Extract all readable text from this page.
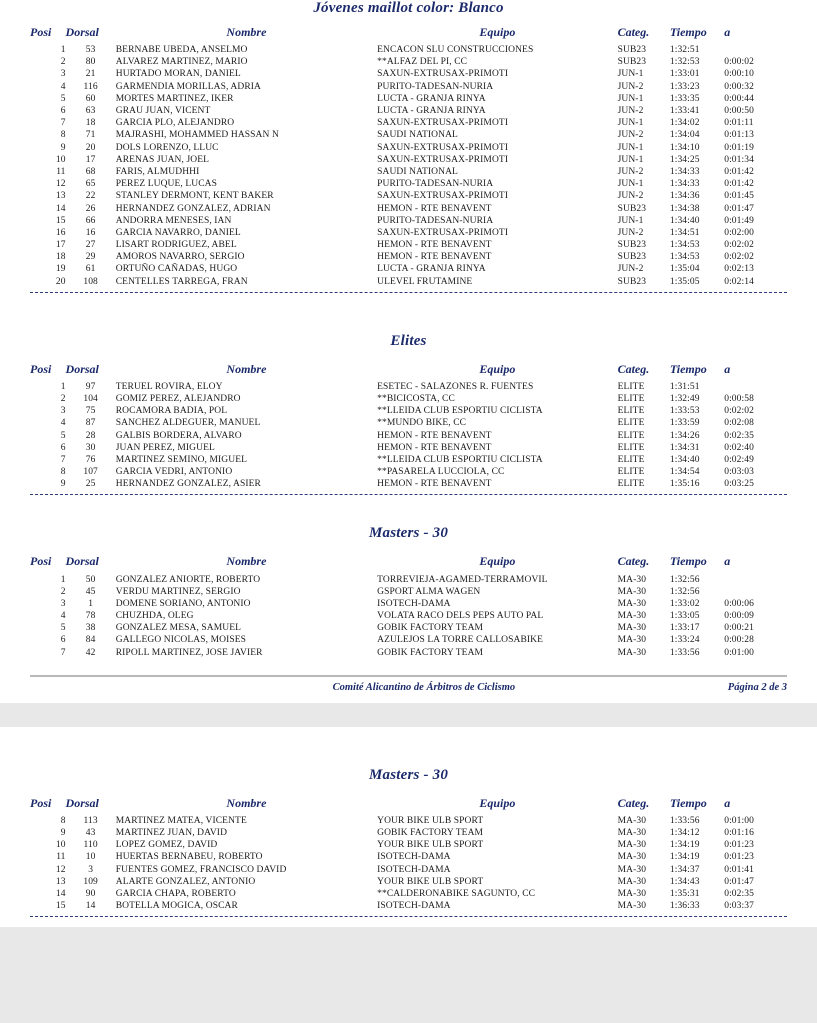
Jóvenes maillot color: Blanco
Posi	Dorsal	Nombre	Equipo	Categ.	Tiempo	a
1	53	BERNABE UBEDA, ANSELMO	ENCACON SLU CONSTRUCCIONES	SUB23	1:32:51	
2	80	ALVAREZ MARTINEZ, MARIO	**ALFAZ DEL PI, CC	SUB23	1:32:53	0:00:02
3	21	HURTADO MORAN, DANIEL	SAXUN-EXTRUSAX-PRIMOTI	JUN-1	1:33:01	0:00:10
4	116	GARMENDIA MORILLAS, ADRIA	PURITO-TADESAN-NURIA	JUN-2	1:33:23	0:00:32
5	60	MORTES MARTINEZ, IKER	LUCTA - GRANJA RINYA	JUN-1	1:33:35	0:00:44
6	63	GRAU JUAN, VICENT	LUCTA - GRANJA RINYA	JUN-2	1:33:41	0:00:50
7	18	GARCIA PLO, ALEJANDRO	SAXUN-EXTRUSAX-PRIMOTI	JUN-1	1:34:02	0:01:11
8	71	MAJRASHI, MOHAMMED HASSAN N	SAUDI NATIONAL	JUN-2	1:34:04	0:01:13
9	20	DOLS LORENZO, LLUC	SAXUN-EXTRUSAX-PRIMOTI	JUN-1	1:34:10	0:01:19
10	17	ARENAS JUAN, JOEL	SAXUN-EXTRUSAX-PRIMOTI	JUN-1	1:34:25	0:01:34
11	68	FARIS, ALMUDHHI	SAUDI NATIONAL	JUN-2	1:34:33	0:01:42
12	65	PEREZ LUQUE, LUCAS	PURITO-TADESAN-NURIA	JUN-1	1:34:33	0:01:42
13	22	STANLEY DERMONT, KENT BAKER	SAXUN-EXTRUSAX-PRIMOTI	JUN-2	1:34:36	0:01:45
14	26	HERNANDEZ GONZALEZ, ADRIAN	HEMON - RTE BENAVENT	SUB23	1:34:38	0:01:47
15	66	ANDORRA MENESES, IAN	PURITO-TADESAN-NURIA	JUN-1	1:34:40	0:01:49
16	16	GARCIA NAVARRO, DANIEL	SAXUN-EXTRUSAX-PRIMOTI	JUN-2	1:34:51	0:02:00
17	27	LISART RODRIGUEZ, ABEL	HEMON - RTE BENAVENT	SUB23	1:34:53	0:02:02
18	29	AMOROS NAVARRO, SERGIO	HEMON - RTE BENAVENT	SUB23	1:34:53	0:02:02
19	61	ORTUÑO CAÑADAS, HUGO	LUCTA - GRANJA RINYA	JUN-2	1:35:04	0:02:13
20	108	CENTELLES TARREGA, FRAN	ULEVEL FRUTAMINE	SUB23	1:35:05	0:02:14
Elites
Posi	Dorsal	Nombre	Equipo	Categ.	Tiempo	a
1	97	TERUEL ROVIRA, ELOY	ESETEC - SALAZONES R. FUENTES	ELITE	1:31:51	
2	104	GOMIZ PEREZ, ALEJANDRO	**BICICOSTA, CC	ELITE	1:32:49	0:00:58
3	75	ROCAMORA BADIA, POL	**LLEIDA CLUB ESPORTIU CICLISTA	ELITE	1:33:53	0:02:02
4	87	SANCHEZ ALDEGUER, MANUEL	**MUNDO BIKE, CC	ELITE	1:33:59	0:02:08
5	28	GALBIS BORDERA, ALVARO	HEMON - RTE BENAVENT	ELITE	1:34:26	0:02:35
6	30	JUAN PEREZ, MIGUEL	HEMON - RTE BENAVENT	ELITE	1:34:31	0:02:40
7	76	MARTINEZ SEMINO, MIGUEL	**LLEIDA CLUB ESPORTIU CICLISTA	ELITE	1:34:40	0:02:49
8	107	GARCIA VEDRI, ANTONIO	**PASARELA LUCCIOLA, CC	ELITE	1:34:54	0:03:03
9	25	HERNANDEZ GONZALEZ, ASIER	HEMON - RTE BENAVENT	ELITE	1:35:16	0:03:25
Masters - 30
Posi	Dorsal	Nombre	Equipo	Categ.	Tiempo	a
1	50	GONZALEZ ANIORTE, ROBERTO	TORREVIEJA-AGAMED-TERRAMOVIL	MA-30	1:32:56	
2	45	VERDU MARTINEZ, SERGIO	GSPORT ALMA WAGEN	MA-30	1:32:56	
3	1	DOMENE SORIANO, ANTONIO	ISOTECH-DAMA	MA-30	1:33:02	0:00:06
4	78	CHUZHDA, OLEG	VOLATA RACO DELS PEPS AUTO PAL	MA-30	1:33:05	0:00:09
5	38	GONZALEZ MESA, SAMUEL	GOBIK FACTORY TEAM	MA-30	1:33:17	0:00:21
6	84	GALLEGO NICOLAS, MOISES	AZULEJOS LA TORRE CALLOSABIKE	MA-30	1:33:24	0:00:28
7	42	RIPOLL MARTINEZ, JOSE JAVIER	GOBIK FACTORY TEAM	MA-30	1:33:56	0:01:00
Comité Alicantino de Árbitros de Ciclismo	Página 2 de 3
Masters - 30
Posi	Dorsal	Nombre	Equipo	Categ.	Tiempo	a
8	113	MARTINEZ MATEA, VICENTE	YOUR BIKE ULB SPORT	MA-30	1:33:56	0:01:00
9	43	MARTINEZ JUAN, DAVID	GOBIK FACTORY TEAM	MA-30	1:34:12	0:01:16
10	110	LOPEZ GOMEZ, DAVID	YOUR BIKE ULB SPORT	MA-30	1:34:19	0:01:23
11	10	HUERTAS BERNABEU, ROBERTO	ISOTECH-DAMA	MA-30	1:34:19	0:01:23
12	3	FUENTES GOMEZ, FRANCISCO DAVID	ISOTECH-DAMA	MA-30	1:34:37	0:01:41
13	109	ALARTE GONZALEZ, ANTONIO	YOUR BIKE ULB SPORT	MA-30	1:34:43	0:01:47
14	90	GARCIA CHAPA, ROBERTO	**CALDERONABIKE SAGUNTO, CC	MA-30	1:35:31	0:02:35
15	14	BOTELLA MOGICA, OSCAR	ISOTECH-DAMA	MA-30	1:36:33	0:03:37
